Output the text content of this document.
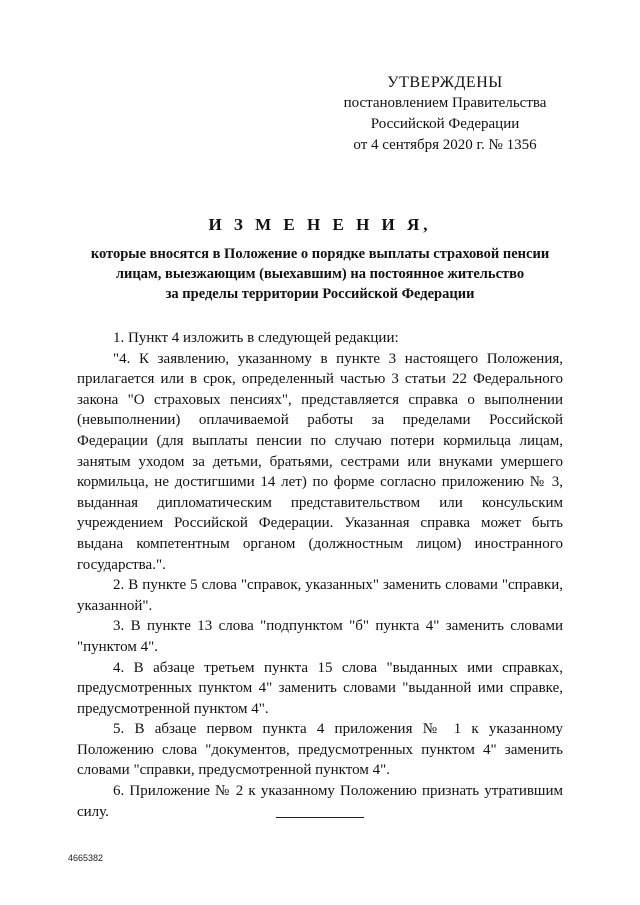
УТВЕРЖДЕНЫ
постановлением Правительства
Российской Федерации
от 4 сентября 2020 г. № 1356
И З М Е Н Е Н И Я,
которые вносятся в Положение о порядке выплаты страховой пенсии
лицам, выезжающим (выехавшим) на постоянное жительство
за пределы территории Российской Федерации

1. Пункт 4 изложить в следующей редакции:

"4. К заявлению, указанному в пункте 3 настоящего Положения, прилагается или в срок, определенный частью 3 статьи 22 Федерального закона "О страховых пенсиях", представляется справка о выполнении (невыполнении) оплачиваемой работы за пределами Российской Федерации (для выплаты пенсии по случаю потери кормильца лицам, занятым уходом за детьми, братьями, сестрами или внуками умершего кормильца, не достигшими 14 лет) по форме согласно приложению № 3, выданная дипломатическим представительством или консульским учреждением Российской Федерации. Указанная справка может быть выдана компетентным органом (должностным лицом) иностранного государства.".

2. В пункте 5 слова "справок, указанных" заменить словами "справки, указанной".

3. В пункте 13 слова "подпунктом "б" пункта 4" заменить словами "пунктом 4".

4. В абзаце третьем пункта 15 слова "выданных ими справках, предусмотренных пунктом 4" заменить словами "выданной ими справке, предусмотренной пунктом 4".

5. В абзаце первом пункта 4 приложения № 1 к указанному Положению слова "документов, предусмотренных пунктом 4" заменить словами "справки, предусмотренной пунктом 4".

6. Приложение № 2 к указанному Положению признать утратившим силу.

4665382
